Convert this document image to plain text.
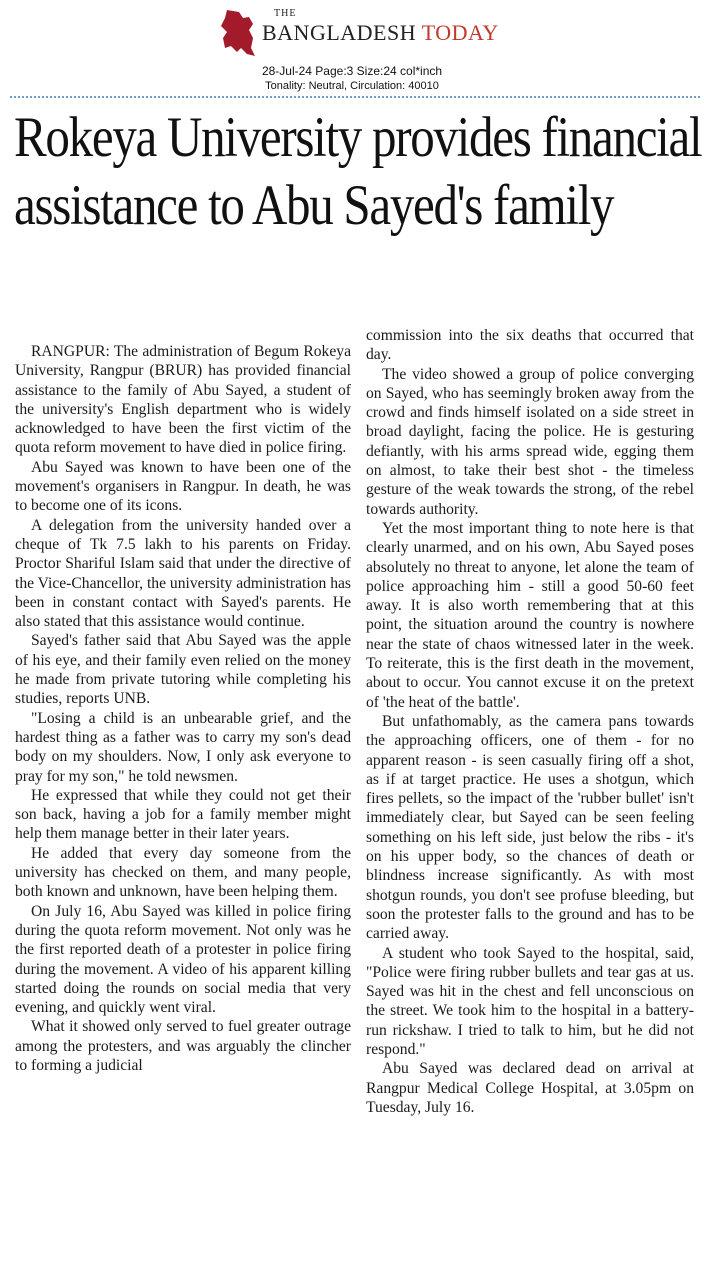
THE
BANGLADESH TODAY
28-Jul-24 Page:3 Size:24 col*inch
Tonality: Neutral, Circulation: 40010
Rokeya University provides financial assistance to Abu Sayed's family

RANGPUR: The administration of Begum Rokeya University, Rangpur (BRUR) has provided financial assistance to the family of Abu Sayed, a student of the university's English department who is widely acknowledged to have been the first victim of the quota reform movement to have died in police firing.

Abu Sayed was known to have been one of the movement's organisers in Rangpur. In death, he was to become one of its icons.

A delegation from the university handed over a cheque of Tk 7.5 lakh to his parents on Friday. Proctor Shariful Islam said that under the directive of the Vice-Chancellor, the university administration has been in constant contact with Sayed's parents. He also stated that this assistance would continue.

Sayed's father said that Abu Sayed was the apple of his eye, and their family even relied on the money he made from private tutoring while completing his studies, reports UNB.

"Losing a child is an unbearable grief, and the hardest thing as a father was to carry my son's dead body on my shoulders. Now, I only ask everyone to pray for my son," he told newsmen.

He expressed that while they could not get their son back, having a job for a family member might help them manage better in their later years.

He added that every day someone from the university has checked on them, and many people, both known and unknown, have been helping them.

On July 16, Abu Sayed was killed in police firing during the quota reform movement. Not only was he the first reported death of a protester in police firing during the movement. A video of his apparent killing started doing the rounds on social media that very evening, and quickly went viral.

What it showed only served to fuel greater outrage among the protesters, and was arguably the clincher to forming a judicial

commission into the six deaths that occurred that day.

The video showed a group of police converging on Sayed, who has seemingly broken away from the crowd and finds himself isolated on a side street in broad daylight, facing the police. He is gesturing defiantly, with his arms spread wide, egging them on almost, to take their best shot - the timeless gesture of the weak towards the strong, of the rebel towards authority.

Yet the most important thing to note here is that clearly unarmed, and on his own, Abu Sayed poses absolutely no threat to anyone, let alone the team of police approaching him - still a good 50-60 feet away. It is also worth remembering that at this point, the situation around the country is nowhere near the state of chaos witnessed later in the week. To reiterate, this is the first death in the movement, about to occur. You cannot excuse it on the pretext of 'the heat of the battle'.

But unfathomably, as the camera pans towards the approaching officers, one of them - for no apparent reason - is seen casually firing off a shot, as if at target practice. He uses a shotgun, which fires pellets, so the impact of the 'rubber bullet' isn't immediately clear, but Sayed can be seen feeling something on his left side, just below the ribs - it's on his upper body, so the chances of death or blindness increase significantly. As with most shotgun rounds, you don't see profuse bleeding, but soon the protester falls to the ground and has to be carried away.

A student who took Sayed to the hospital, said, "Police were firing rubber bullets and tear gas at us. Sayed was hit in the chest and fell unconscious on the street. We took him to the hospital in a battery-run rickshaw. I tried to talk to him, but he did not respond."

Abu Sayed was declared dead on arrival at Rangpur Medical College Hospital, at 3.05pm on Tuesday, July 16.
